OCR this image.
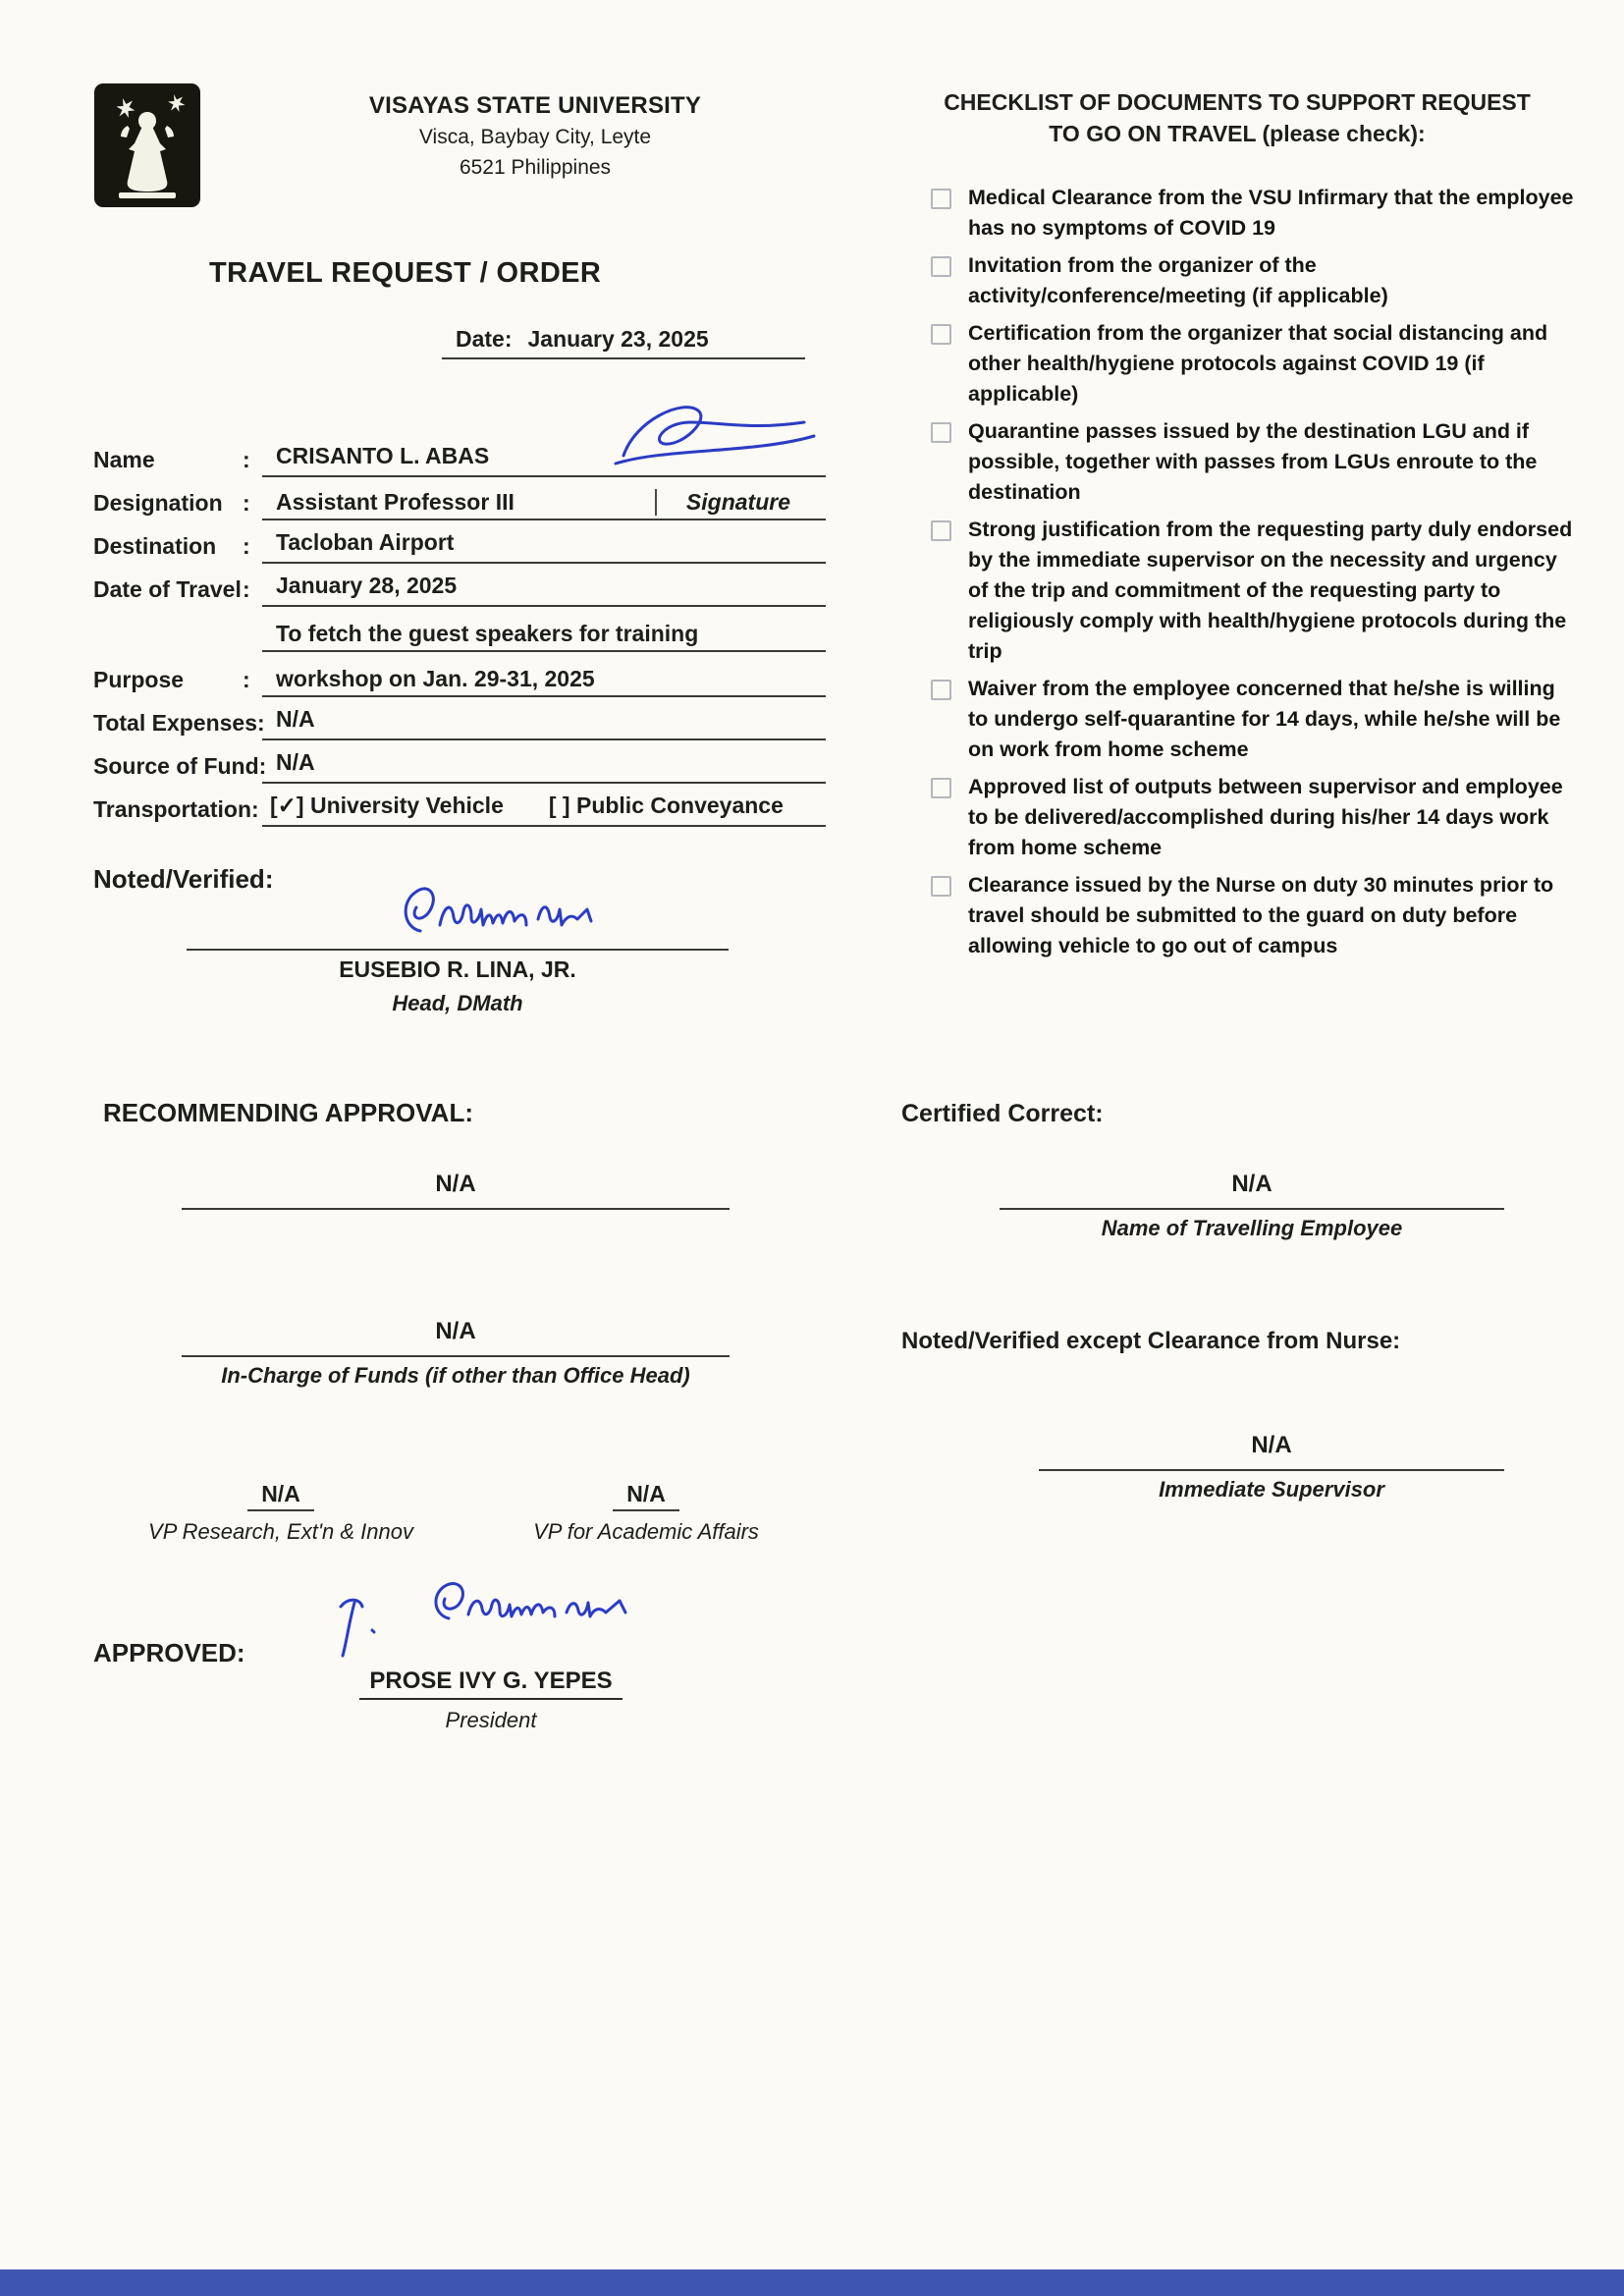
VISAYAS STATE UNIVERSITY
Visca, Baybay City, Leyte
6521 Philippines
TRAVEL REQUEST / ORDER
Date: January 23, 2025
Name	:	CRISANTO L. ABAS
Designation :	Assistant Professor III	Signature
Destination	:	Tacloban Airport
Date of Travel :	January 28, 2025
Purpose	:
To fetch the guest speakers for training
workshop on Jan. 29-31, 2025
Total Expenses: N/A
Source of Fund: N/A
Transportation: [✓] University Vehicle [ ] Public Conveyance
Noted/Verified:
EUSEBIO R. LINA, JR.
Head, DMath
RECOMMENDING APPROVAL:
N/A
N/A
In-Charge of Funds (if other than Office Head)
N/A
VP Research, Ext'n & Innov
N/A
VP for Academic Affairs
APPROVED:
PROSE IVY G. YEPES
President
CHECKLIST OF DOCUMENTS TO SUPPORT REQUEST
TO GO ON TRAVEL (please check):
Medical Clearance from the VSU Infirmary that the employee has no symptoms of COVID 19
Invitation from the organizer of the activity/conference/meeting (if applicable)
Certification from the organizer that social distancing and other health/hygiene protocols against COVID 19 (if applicable)
Quarantine passes issued by the destination LGU and if possible, together with passes from LGUs enroute to the destination
Strong justification from the requesting party duly endorsed by the immediate supervisor on the necessity and urgency of the trip and commitment of the requesting party to religiously comply with health/hygiene protocols during the trip
Waiver from the employee concerned that he/she is willing to undergo self-quarantine for 14 days, while he/she will be on work from home scheme
Approved list of outputs between supervisor and employee to be delivered/accomplished during his/her 14 days work from home scheme
Clearance issued by the Nurse on duty 30 minutes prior to travel should be submitted to the guard on duty before allowing vehicle to go out of campus
Certified Correct:
N/A
Name of Travelling Employee
Noted/Verified except Clearance from Nurse:
N/A
Immediate Supervisor
